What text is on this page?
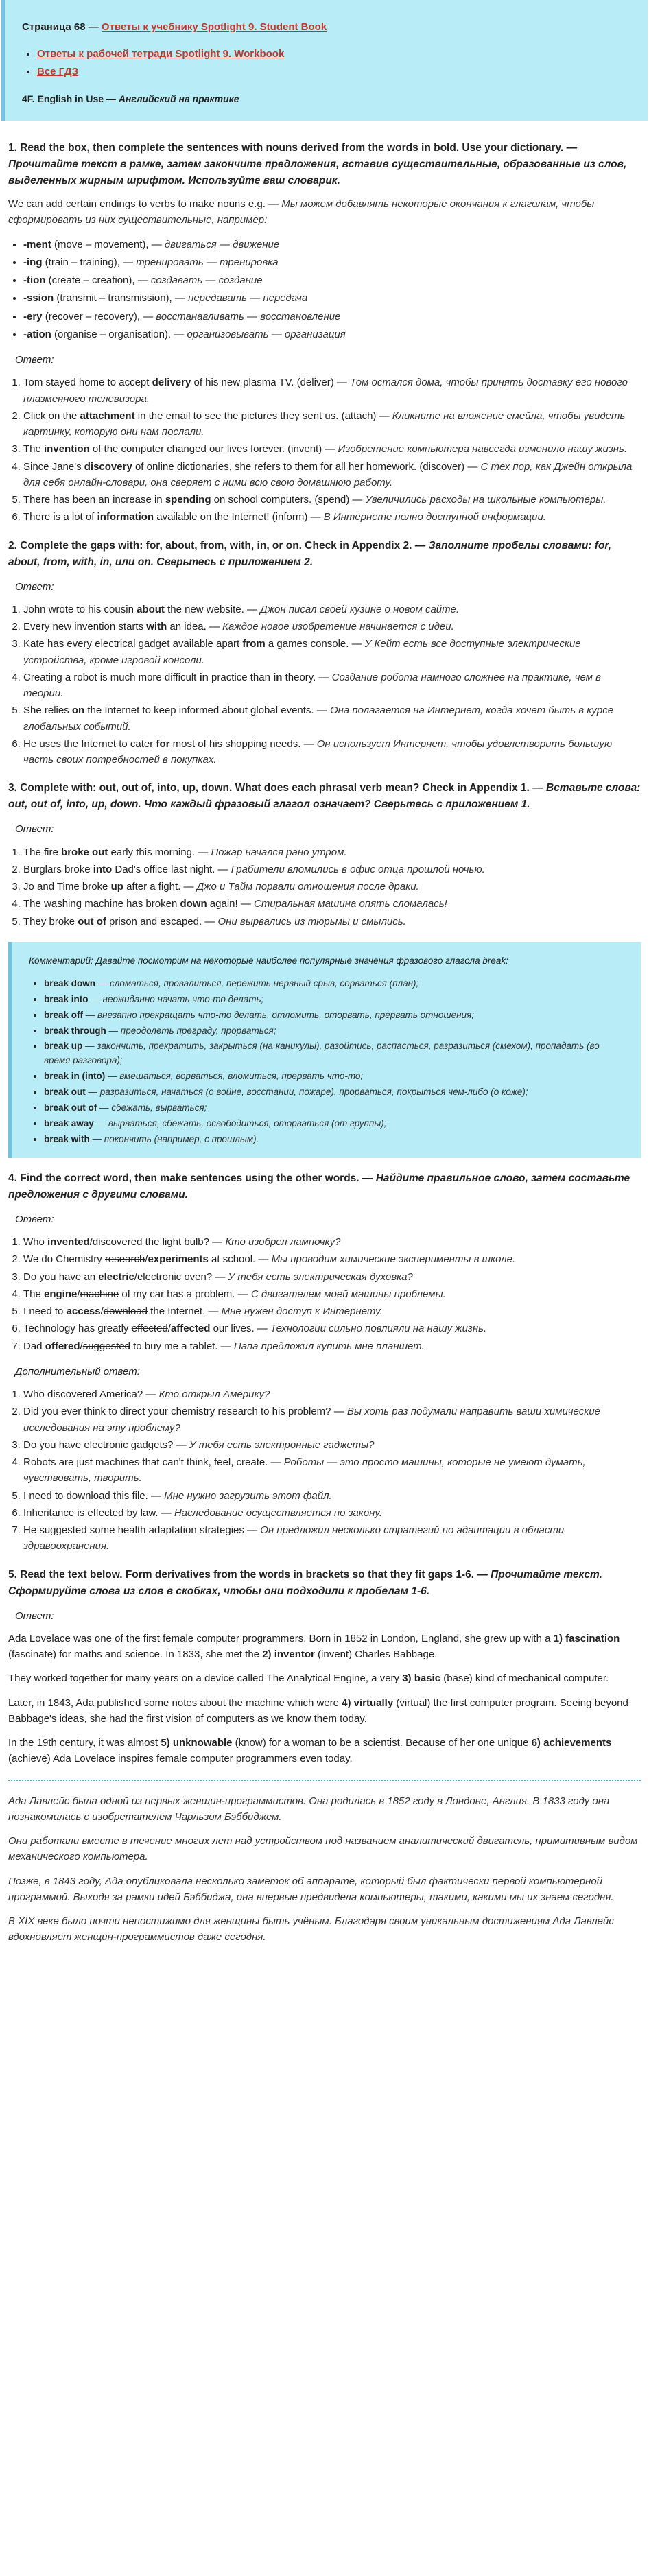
Страница 68 — Ответы к учебнику Spotlight 9. Student Book
• Ответы к рабочей тетради Spotlight 9. Workbook
• Все ГДЗ
4F. English in Use — Английский на практике
1. Read the box, then complete the sentences with nouns derived from the words in bold. Use your dictionary. — Прочитайте текст в рамке, затем закончите предложения, вставив существительные, образованные из слов, выделенных жирным шрифтом. Используйте ваш словарик.

We can add certain endings to verbs to make nouns e.g. — Мы можем добавлять некоторые окончания к глаголам, чтобы сформировать из них существительные, например:

• -ment (move – movement), — двигаться — движение
• -ing (train – training), — тренировать — тренировка
• -tion (create – creation), — создавать — создание
• -ssion (transmit – transmission), — передавать — передача
• -ery (recover – recovery), — восстанавливать — восстановление
• -ation (organise – organisation). — организовывать — организация
Ответ:
1. Tom stayed home to accept delivery of his new plasma TV. (deliver) — Том остался дома, чтобы принять доставку его нового плазменного телевизора.
2. Click on the attachment in the email to see the pictures they sent us. (attach) — Кликните на вложение емейла, чтобы увидеть картинку, которую они нам послали.
3. The invention of the computer changed our lives forever. (invent) — Изобретение компьютера навсегда изменило нашу жизнь.
4. Since Jane's discovery of online dictionaries, she refers to them for all her homework. (discover) — С тех пор, как Джейн открыла для себя онлайн-словари, она сверяет с ними всю свою домашнюю работу.
5. There has been an increase in spending on school computers. (spend) — Увеличились расходы на школьные компьютеры.
6. There is a lot of information available on the Internet! (inform) — В Интернете полно доступной информации.
2. Complete the gaps with: for, about, from, with, in, or on. Check in Appendix 2. — Заполните пробелы словами: for, about, from, with, in, или on. Сверьтесь с приложением 2.
Ответ:
1. John wrote to his cousin about the new website. — Джон писал своей кузине о новом сайте.
2. Every new invention starts with an idea. — Каждое новое изобретение начинается с идеи.
3. Kate has every electrical gadget available apart from a games console. — У Кейт есть все доступные электрические устройства, кроме игровой консоли.
4. Creating a robot is much more difficult in practice than in theory. — Создание робота намного сложнее на практике, чем в теории.
5. She relies on the Internet to keep informed about global events. — Она полагается на Интернет, когда хочет быть в курсе глобальных событий.
6. He uses the Internet to cater for most of his shopping needs. — Он использует Интернет, чтобы удовлетворить большую часть своих потребностей в покупках.
3. Complete with: out, out of, into, up, down. What does each phrasal verb mean? Check in Appendix 1. — Вставьте слова: out, out of, into, up, down. Что каждый фразовый глагол означает? Сверьтесь с приложением 1.
Ответ:
1. The fire broke out early this morning. — Пожар начался рано утром.
2. Burglars broke into Dad's office last night. — Грабители вломились в офис отца прошлой ночью.
3. Jo and Time broke up after a fight. — Джо и Тайм порвали отношения после драки.
4. The washing machine has broken down again! — Стиральная машина опять сломалась!
5. They broke out of prison and escaped. — Они вырвались из тюрьмы и смылись.
Комментарий: Давайте посмотрим на некоторые наиболее популярные значения фразового глагола break:
• break down — сломаться, провалиться, пережить нервный срыв, сорваться (план);
• break into — неожиданно начать что-то делать;
• break off — внезапно прекращать что-то делать, отломить, оторвать, прервать отношения;
• break through — преодолеть преграду, прорваться;
• break up — закончить, прекратить, закрыться (на каникулы), разойтись, распасться, разразиться (смехом), пропадать (во время разговора);
• break in (into) — вмешаться, ворваться, вломиться, прервать что-то;
• break out — разразиться, начаться (о войне, восстании, пожаре), прорваться, покрыться чем-либо (о коже);
• break out of — сбежать, вырваться;
• break away — вырваться, сбежать, освободиться, оторваться (от группы);
• break with — покончить (например, с прошлым).
4. Find the correct word, then make sentences using the other words. — Найдите правильное слово, затем составьте предложения с другими словами.
Ответ:
1. Who invented/discovered the light bulb? — Кто изобрел лампочку?
2. We do Chemistry research/experiments at school. — Мы проводим химические эксперименты в школе.
3. Do you have an electric/electronic oven? — У тебя есть электрическая духовка?
4. The engine/machine of my car has a problem. — С двигателем моей машины проблемы.
5. I need to access/download the Internet. — Мне нужен доступ к Интернету.
6. Technology has greatly effected/affected our lives. — Технологии сильно повлияли на нашу жизнь.
7. Dad offered/suggested to buy me a tablet. — Папа предложил купить мне планшет.
Дополнительный ответ:
1. Who discovered America? — Кто открыл Америку?
2. Did you ever think to direct your chemistry research to his problem? — Вы хоть раз подумали направить ваши химические исследования на эту проблему?
3. Do you have electronic gadgets? — У тебя есть электронные гаджеты?
4. Robots are just machines that can't think, feel, create. — Роботы — это просто машины, которые не умеют думать, чувствовать, творить.
5. I need to download this file. — Мне нужно загрузить этот файл.
6. Inheritance is effected by law. — Наследование осуществляется по закону.
7. He suggested some health adaptation strategies — Он предложил несколько стратегий по адаптации в области здравоохранения.
5. Read the text below. Form derivatives from the words in brackets so that they fit gaps 1-6. — Прочитайте текст. Сформируйте слова из слов в скобках, чтобы они подходили к пробелам 1-6.
Ответ:

Ada Lovelace was one of the first female computer programmers. Born in 1852 in London, England, she grew up with a 1) fascination (fascinate) for maths and science. In 1833, she met the 2) inventor (invent) Charles Babbage.

They worked together for many years on a device called The Analytical Engine, a very 3) basic (base) kind of mechanical computer.

Later, in 1843, Ada published some notes about the machine which were 4) virtually (virtual) the first computer program. Seeing beyond Babbage's ideas, she had the first vision of computers as we know them today.

In the 19th century, it was almost 5) unknowable (know) for a woman to be a scientist. Because of her one unique 6) achievements (achieve) Ada Lovelace inspires female computer programmers even today.

Ада Лавлейс была одной из первых женщин-программистов. Она родилась в 1852 году в Лондоне, Англия. В 1833 году она познакомилась с изобретателем Чарльзом Бэббиджем.

Они работали вместе в течение многих лет над устройством под названием аналитический двигатель, примитивным видом механического компьютера.

Позже, в 1843 году, Ада опубликовала несколько заметок об аппарате, который был фактически первой компьютерной программой. Выходя за рамки идей Бэббиджа, она впервые предвидела компьютеры, такими, какими мы их знаем сегодня.

В XIX веке было почти непостижимо для женщины быть учёным. Благодаря своим уникальным достижениям Ада Лавлейс вдохновляет женщин-программистов даже сегодня.
